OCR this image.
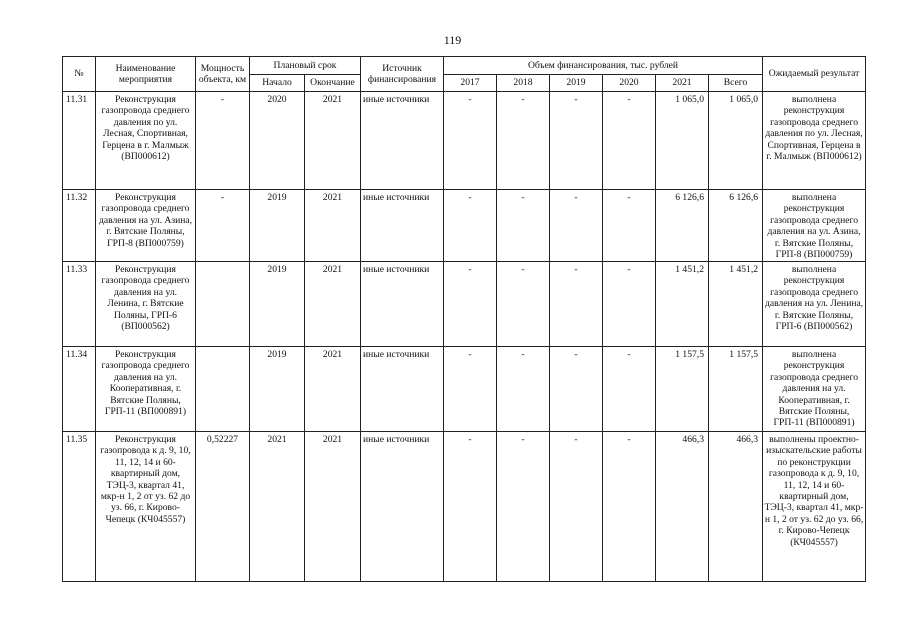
119
№	Наименование мероприятия	Мощность объекта, км	Плановый срок		Источник финансирования	Объем финансирования, тыс. рублей						Ожидаемый результат
			Начало	Окончание		2017	2018	2019	2020	2021	Всего	
11.31	Реконструкция газопровода среднего давления по ул. Лесная, Спортивная, Герцена в г. Малмыж (ВП000612)	-	2020	2021	иные источники	-	-	-	-	1 065,0	1 065,0	выполнена реконструкция газопровода среднего давления по ул. Лесная, Спортивная, Герцена в г. Малмыж (ВП000612)
11.32	Реконструкция газопровода среднего давления на ул. Азина, г. Вятские Поляны, ГРП-8 (ВП000759)	-	2019	2021	иные источники	-	-	-	-	6 126,6	6 126,6	выполнена реконструкция газопровода среднего давления на ул. Азина, г. Вятские Поляны, ГРП-8 (ВП000759)
11.33	Реконструкция газопровода среднего давления на ул. Ленина, г. Вятские Поляны, ГРП-6 (ВП000562)		2019	2021	иные источники	-	-	-	-	1 451,2	1 451,2	выполнена реконструкция газопровода среднего давления на ул. Ленина, г. Вятские Поляны, ГРП-6 (ВП000562)
11.34	Реконструкция газопровода среднего давления на ул. Кооперативная, г. Вятские Поляны, ГРП-11 (ВП000891)		2019	2021	иные источники	-	-	-	-	1 157,5	1 157,5	выполнена реконструкция газопровода среднего давления на ул. Кооперативная, г. Вятские Поляны, ГРП-11 (ВП000891)
11.35	Реконструкция газопровода к д. 9, 10, 11, 12, 14 и 60-квартирный дом, ТЭЦ-3, квартал 41, мкр-н 1, 2 от уз. 62 до уз. 66, г. Кирово-Чепецк (КЧ045557)	0,52227	2021	2021	иные источники	-	-	-	-	466,3	466,3	выполнены проектно-изыскательские работы по реконструкции газопровода к д. 9, 10, 11, 12, 14 и 60-квартирный дом, ТЭЦ-3, квартал 41, мкр-н 1, 2 от уз. 62 до уз. 66, г. Кирово-Чепецк (КЧ045557)
